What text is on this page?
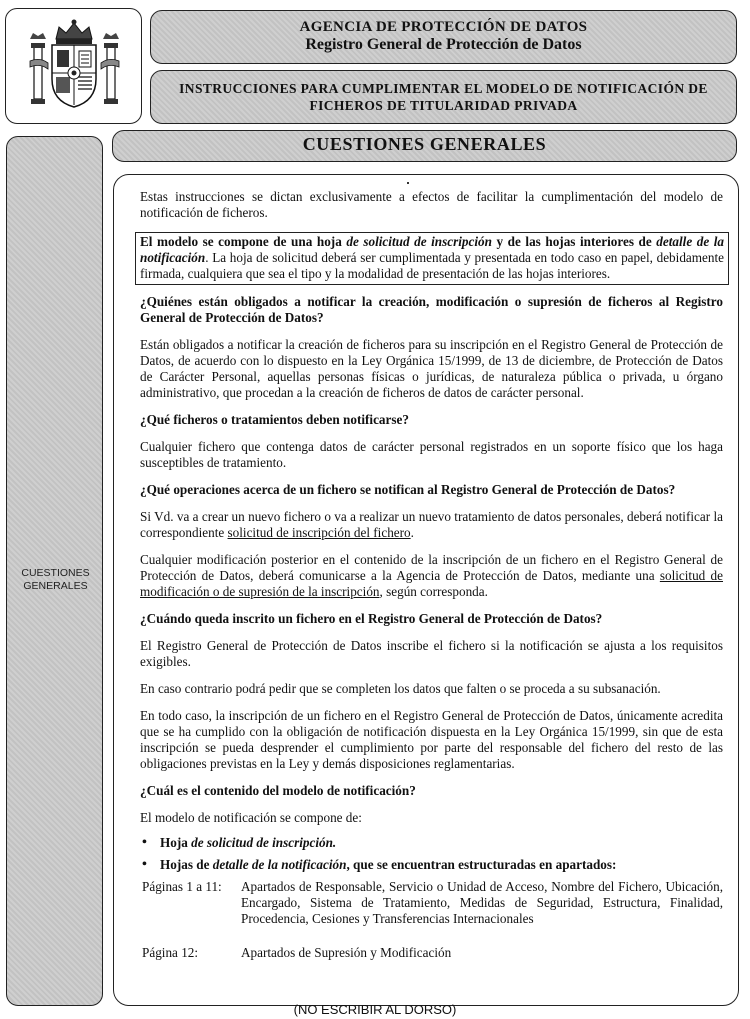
AGENCIA DE PROTECCIÓN DE DATOS
Registro General de Protección de Datos
INSTRUCCIONES PARA CUMPLIMENTAR EL MODELO DE NOTIFICACIÓN DE
FICHEROS DE TITULARIDAD PRIVADA
CUESTIONES
GENERALES
CUESTIONES GENERALES

Estas instrucciones se dictan exclusivamente a efectos de facilitar la cumplimentación del modelo de notificación de ficheros.

El modelo se compone de una hoja de solicitud de inscripción y de las hojas interiores de detalle de la notificación. La hoja de solicitud deberá ser cumplimentada y presentada en todo caso en papel, debidamente firmada, cualquiera que sea el tipo y la modalidad de presentación de las hojas interiores.

¿Quiénes están obligados a notificar la creación, modificación o supresión de ficheros al Registro General de Protección de Datos?

Están obligados a notificar la creación de ficheros para su inscripción en el Registro General de Protección de Datos, de acuerdo con lo dispuesto en la Ley Orgánica 15/1999, de 13 de diciembre, de Protección de Datos de Carácter Personal, aquellas personas físicas o jurídicas, de naturaleza pública o privada, u órgano administrativo, que procedan a la creación de ficheros de datos de carácter personal.

¿Qué ficheros o tratamientos deben notificarse?

Cualquier fichero que contenga datos de carácter personal registrados en un soporte físico que los haga susceptibles de tratamiento.

¿Qué operaciones acerca de un fichero se notifican al Registro General de Protección de Datos?

Si Vd. va a crear un nuevo fichero o va a realizar un nuevo tratamiento de datos personales, deberá notificar la correspondiente solicitud de inscripción del fichero.

Cualquier modificación posterior en el contenido de la inscripción de un fichero en el Registro General de Protección de Datos, deberá comunicarse a la Agencia de Protección de Datos, mediante una solicitud de modificación o de supresión de la inscripción, según corresponda.

¿Cuándo queda inscrito un fichero en el Registro General de Protección de Datos?

El Registro General de Protección de Datos inscribe el fichero si la notificación se ajusta a los requisitos exigibles.

En caso contrario podrá pedir que se completen los datos que falten o se proceda a su subsanación.

En todo caso, la inscripción de un fichero en el Registro General de Protección de Datos, únicamente acredita que se ha cumplido con la obligación de notificación dispuesta en la Ley Orgánica 15/1999, sin que de esta inscripción se pueda desprender el cumplimiento por parte del responsable del fichero del resto de las obligaciones previstas en la Ley y demás disposiciones reglamentarias.

¿Cuál es el contenido del modelo de notificación?

El modelo de notificación se compone de:

• Hoja de solicitud de inscripción.
• Hojas de detalle de la notificación, que se encuentran estructuradas en apartados:
Páginas 1 a 11:	Apartados de Responsable, Servicio o Unidad de Acceso, Nombre del Fichero, Ubicación, Encargado, Sistema de Tratamiento, Medidas de Seguridad, Estructura, Finalidad, Procedencia, Cesiones y Transferencias Internacionales
Página 12:	Apartados de Supresión y Modificación
(NO ESCRIBIR AL DORSO)
